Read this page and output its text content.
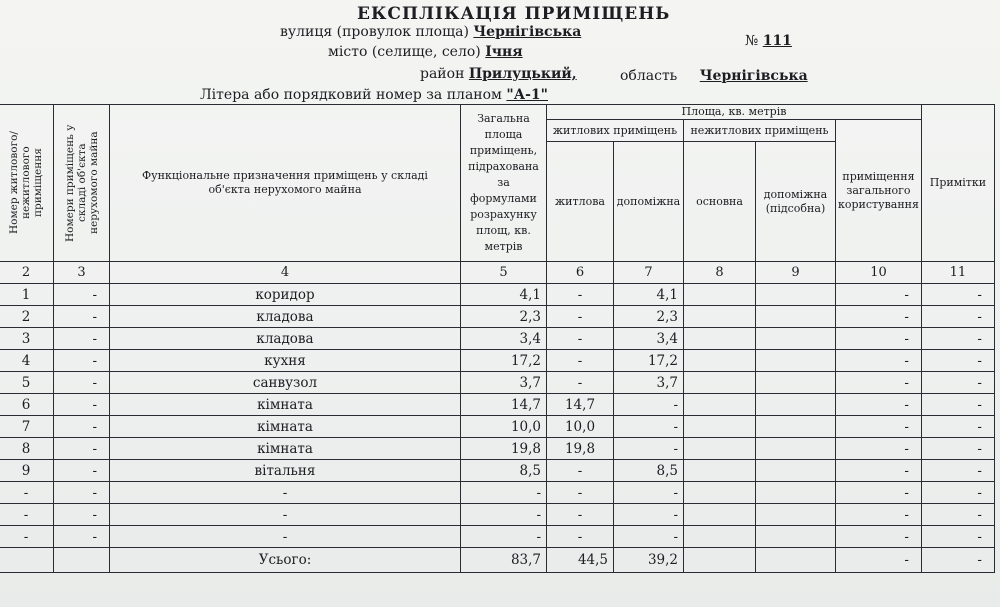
ЕКСПЛІКАЦІЯ ПРИМІЩЕНЬ
вулиця (провулок площа) Чернігівська
№ 111
місто (селище, село) Ічня
район Прилуцький,	область Чернігівська
Літера або порядковий номер за планом "А-1"
Номер житлового/нежитлового приміщення	Номери приміщень у складі об'єкта нерухомого майна	Функціональне призначення приміщень у складі об'єкта нерухомого майна	Загальна площа приміщень, підрахована за формулами розрахунку площ, кв. метрів	Площа, кв. метрів					Примітки
				житлових приміщень		нежитлових приміщень		приміщення загального користування	
				житлова	допоміжна	основна	допоміжна (підсобна)		

2	3	4	5	6	7	8	9	10	11
1	-	коридор	4,1	-	4,1			-	-
2	-	кладова	2,3	-	2,3			-	-
3	-	кладова	3,4	-	3,4			-	-
4	-	кухня	17,2	-	17,2			-	-
5	-	санвузол	3,7	-	3,7			-	-
6	-	кімната	14,7	14,7	-			-	-
7	-	кімната	10,0	10,0	-			-	-
8	-	кімната	19,8	19,8	-			-	-
9	-	вітальня	8,5	-	8,5			-	-
-	-	-	-	-	-			-	-
-	-	-	-	-	-			-	-
-	-	-	-	-	-			-	-
		Усього:	83,7	44,5	39,2			-	-
